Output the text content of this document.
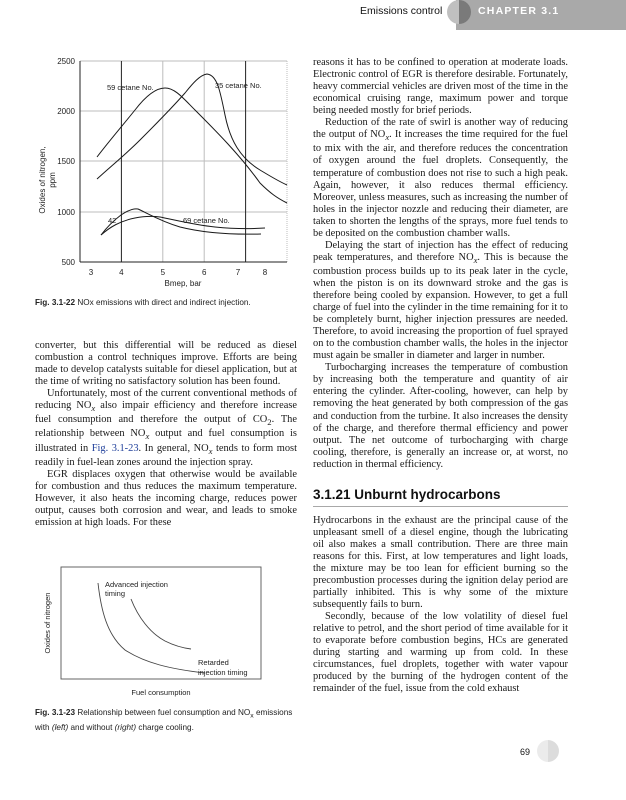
Emissions control	CHAPTER 3.1
2500
2000
1500
1000
500
3	4	5	6	7	8
Bmep, bar
Oxides of nitrogen, ppm
59 cetane No.	35 cetane No.
42	69 cetane No.
Fig. 3.1-22 NOx emissions with direct and indirect injection.

converter, but this differential will be reduced as diesel combustion a control techniques improve. Efforts are being made to develop catalysts suitable for diesel application, but at the time of writing no satisfactory solution has been found.

Unfortunately, most of the current conventional methods of reducing $NO_x$ also impair efficiency and therefore increase fuel consumption and therefore the output of $CO_2$. The relationship between $NO_x$ output and fuel consumption is illustrated in Fig. 3.1-23. In general, $NO_x$ tends to form most readily in fuel-lean zones around the injection spray.

EGR displaces oxygen that otherwise would be available for combustion and thus reduces the maximum temperature. However, it also heats the incoming charge, reduces power output, causes both corrosion and wear, and leads to smoke emission at high loads. For these

Oxides of nitrogen
Fuel consumption
Advanced injection
timing
Retarded
injection timing
Fig. 3.1-23 Relationship between fuel consumption and $NO_x$ emissions with (left) and without (right) charge cooling.

reasons it has to be confined to operation at moderate loads. Electronic control of EGR is therefore desirable. Fortunately, heavy commercial vehicles are driven most of the time in the economical cruising range, maximum power and torque being needed mostly for brief periods.

Reduction of the rate of swirl is another way of reducing the output of $NO_x$. It increases the time required for the fuel to mix with the air, and therefore reduces the concentration of oxygen around the fuel droplets. Consequently, the temperature of combustion does not rise to such a high peak. Again, however, it also reduces thermal efficiency. Moreover, unless measures, such as increasing the number of holes in the injector nozzle and reducing their diameter, are taken to shorten the lengths of the sprays, more fuel tends to be deposited on the combustion chamber walls.

Delaying the start of injection has the effect of reducing peak temperatures, and therefore $NO_x$. This is because the combustion process builds up to its peak later in the cycle, when the piston is on its downward stroke and the gas is therefore being cooled by expansion. However, to get a full charge of fuel into the cylinder in the time remaining for it to be completely burnt, higher injection pressures are needed. Therefore, to avoid increasing the proportion of fuel sprayed on to the combustion chamber walls, the holes in the injector must again be smaller in diameter and larger in number.

Turbocharging increases the temperature of combustion by increasing both the temperature and quantity of air entering the cylinder. After-cooling, however, can help by removing the heat generated by both compression of the gas and conduction from the turbine. It also increases the density of the charge, and therefore thermal efficiency and power output. The net outcome of turbocharging with charge cooling, therefore, is generally an increase or, at worst, no reduction in thermal efficiency.

3.1.21 Unburnt hydrocarbons

Hydrocarbons in the exhaust are the principal cause of the unpleasant smell of a diesel engine, though the lubricating oil also makes a small contribution. There are three main reasons for this. First, at low temperatures and light loads, the mixture may be too lean for efficient burning so the precombustion processes during the ignition delay period are partially inhibited. This is why some of the mixture subsequently fails to burn.

Secondly, because of the low volatility of diesel fuel relative to petrol, and the short period of time available for it to evaporate before combustion begins, HCs are generated during starting and warming up from cold. In these circumstances, fuel droplets, together with water vapour produced by the burning of the hydrogen content of the remainder of the fuel, issue from the cold exhaust

69
